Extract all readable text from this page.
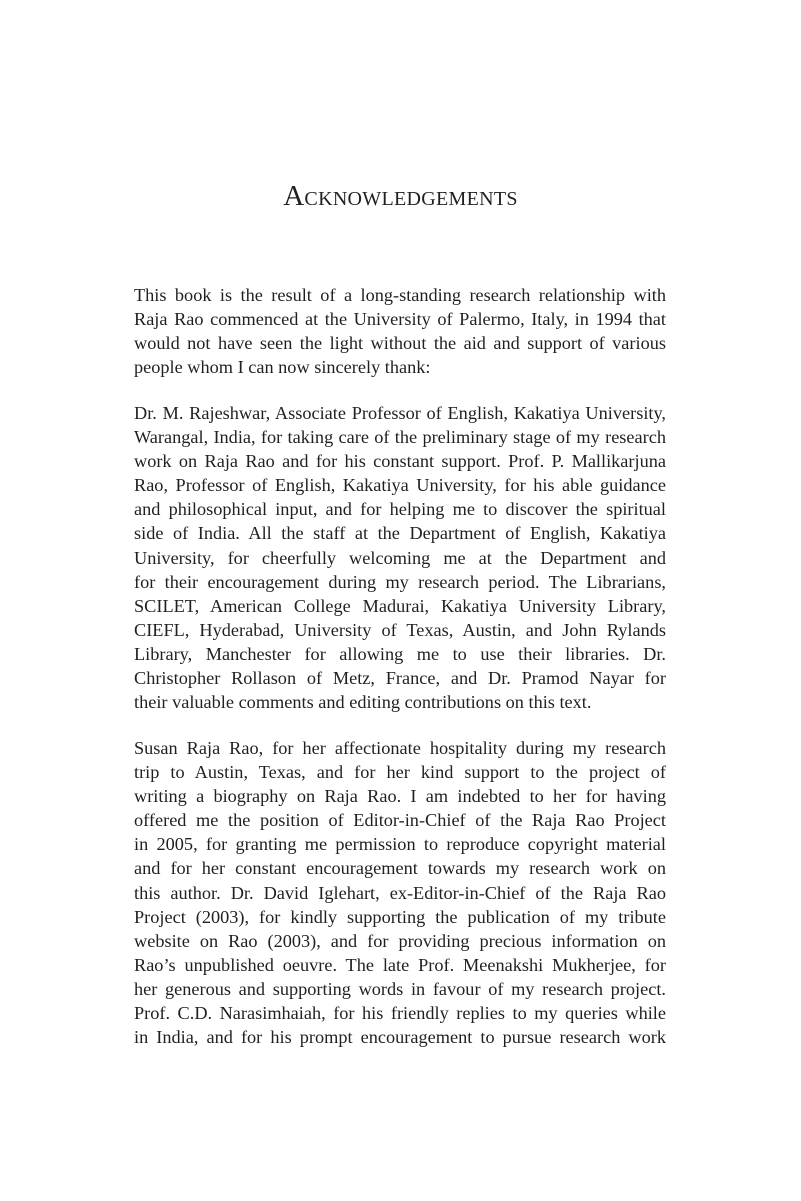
Acknowledgements
This book is the result of a long-standing research relationship with
Raja Rao commenced at the University of Palermo, Italy, in 1994 that
would not have seen the light without the aid and support of various
people whom I can now sincerely thank:
Dr. M. Rajeshwar, Associate Professor of English, Kakatiya University,
Warangal, India, for taking care of the preliminary stage of my research
work on Raja Rao and for his constant support. Prof. P. Mallikarjuna
Rao, Professor of English, Kakatiya University, for his able guidance
and philosophical input, and for helping me to discover the spiritual
side of India. All the staff at the Department of English, Kakatiya
University, for cheerfully welcoming me at the Department and
for their encouragement during my research period. The Librarians,
SCILET, American College Madurai, Kakatiya University Library,
CIEFL, Hyderabad, University of Texas, Austin, and John Rylands
Library, Manchester for allowing me to use their libraries. Dr.
Christopher Rollason of Metz, France, and Dr. Pramod Nayar for
their valuable comments and editing contributions on this text.
Susan Raja Rao, for her affectionate hospitality during my research
trip to Austin, Texas, and for her kind support to the project of
writing a biography on Raja Rao. I am indebted to her for having
offered me the position of Editor-in-Chief of the Raja Rao Project
in 2005, for granting me permission to reproduce copyright material
and for her constant encouragement towards my research work on
this author. Dr. David Iglehart, ex-Editor-in-Chief of the Raja Rao
Project (2003), for kindly supporting the publication of my tribute
website on Rao (2003), and for providing precious information on
Rao’s unpublished oeuvre. The late Prof. Meenakshi Mukherjee, for
her generous and supporting words in favour of my research project.
Prof. C.D. Narasimhaiah, for his friendly replies to my queries while
in India, and for his prompt encouragement to pursue research work
